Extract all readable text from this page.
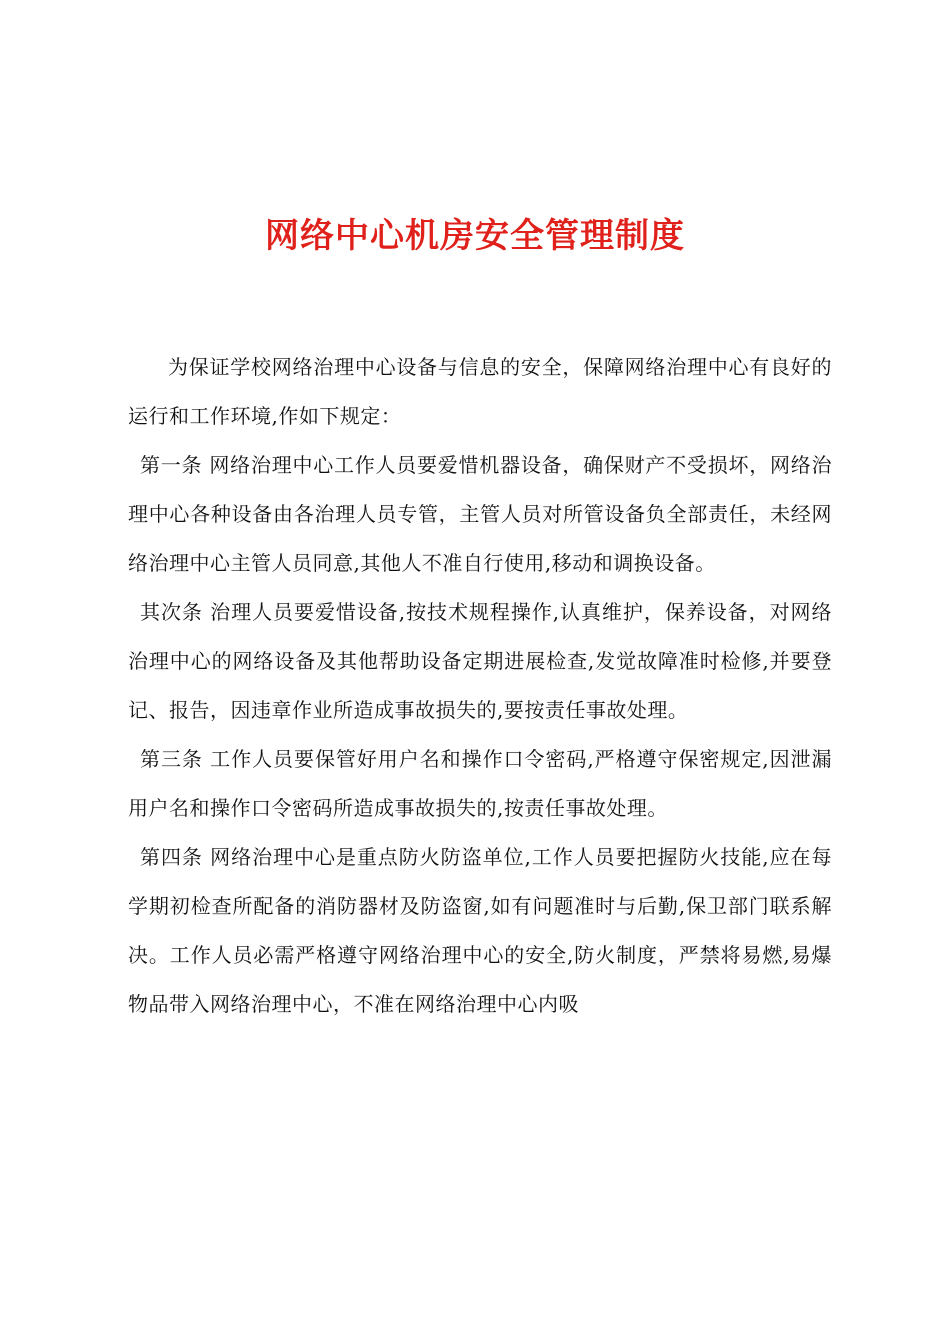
网络中心机房安全管理制度

为保证学校网络治理中心设备与信息的安全，保障网络治理中心有良好的运行和工作环境,作如下规定：

第一条 网络治理中心工作人员要爱惜机器设备，确保财产不受损坏，网络治理中心各种设备由各治理人员专管，主管人员对所管设备负全部责任，未经网络治理中心主管人员同意,其他人不准自行使用,移动和调换设备。

其次条 治理人员要爱惜设备,按技术规程操作,认真维护，保养设备，对网络治理中心的网络设备及其他帮助设备定期进展检查,发觉故障准时检修,并要登记、报告，因违章作业所造成事故损失的,要按责任事故处理。

第三条 工作人员要保管好用户名和操作口令密码,严格遵守保密规定,因泄漏用户名和操作口令密码所造成事故损失的,按责任事故处理。

第四条 网络治理中心是重点防火防盗单位,工作人员要把握防火技能,应在每学期初检查所配备的消防器材及防盗窗,如有问题准时与后勤,保卫部门联系解决。工作人员必需严格遵守网络治理中心的安全,防火制度，严禁将易燃,易爆物品带入网络治理中心，不准在网络治理中心内吸
